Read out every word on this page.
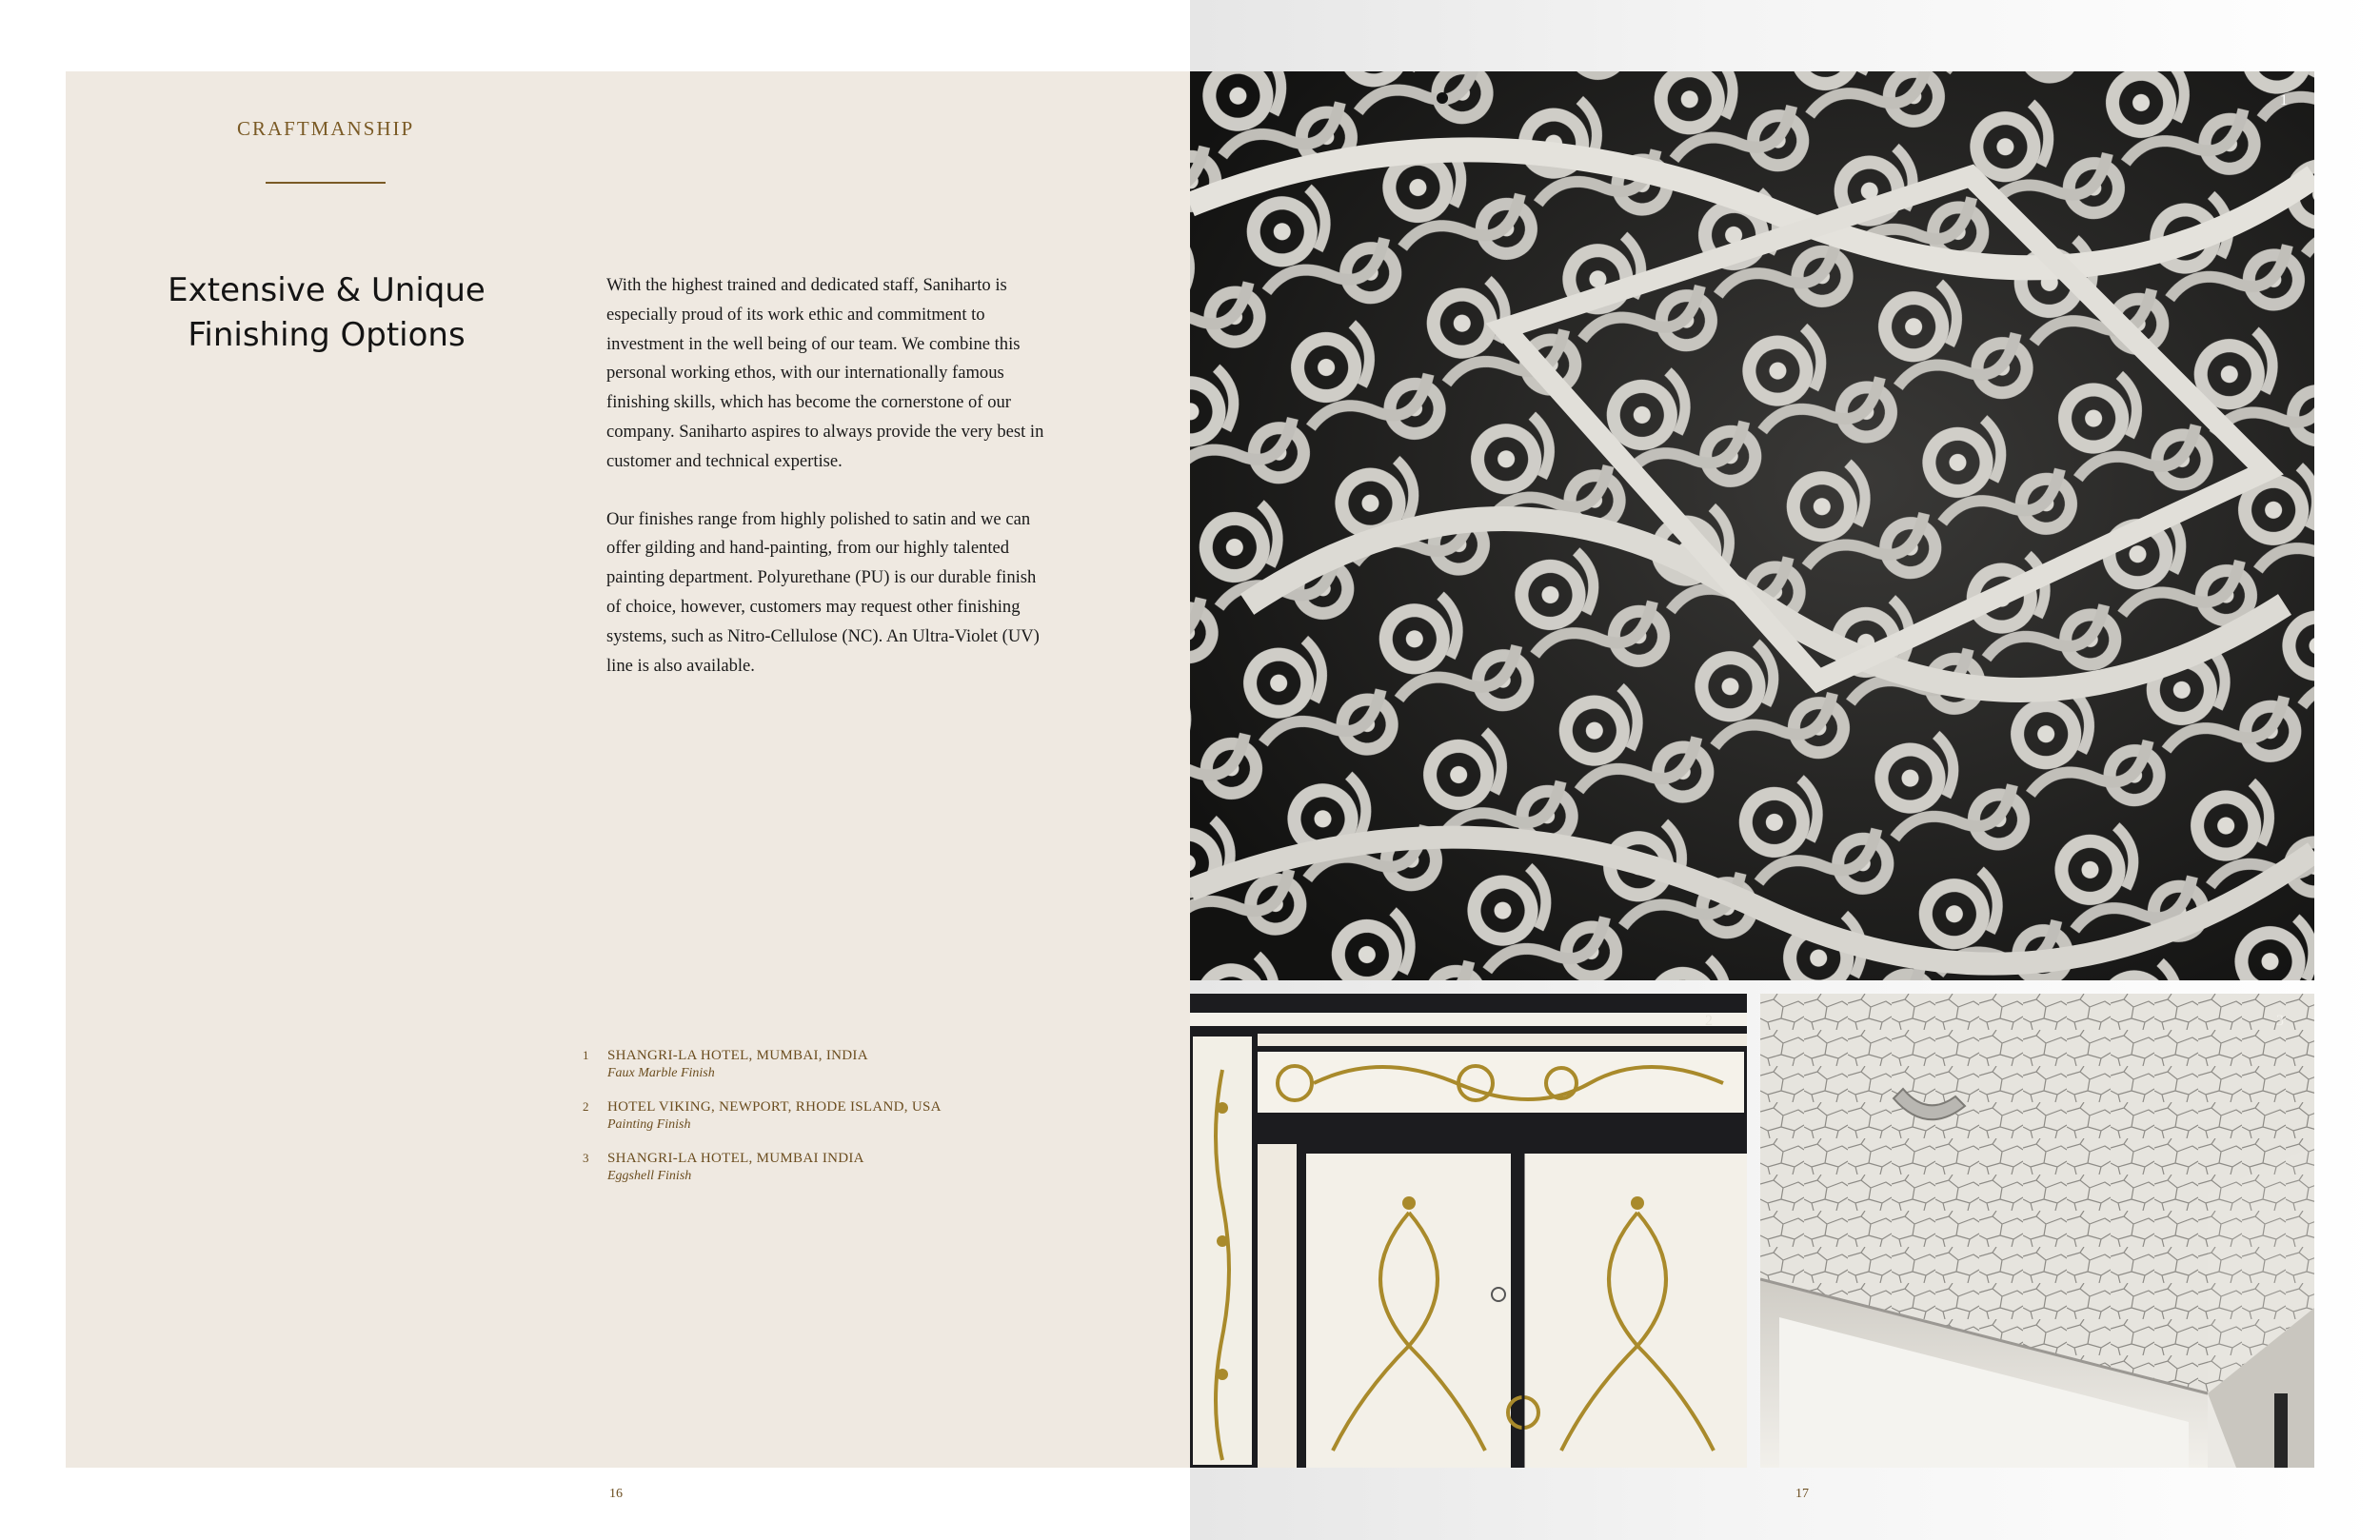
CRAFTMANSHIP
Extensive & Unique
Finishing Options

With the highest trained and dedicated staff, Saniharto is especially proud of its work ethic and commitment to investment in the well being of our team. We combine this personal working ethos, with our internationally famous finishing skills, which has become the cornerstone of our company. Saniharto aspires to always provide the very best in customer and technical expertise.

Our finishes range from highly polished to satin and we can offer gilding and hand-painting, from our highly talented painting department. Polyurethane (PU) is our durable finish of choice, however, customers may request other finishing systems, such as Nitro-Cellulose (NC). An Ultra-Violet (UV) line is also available.

1 SHANGRI-LA HOTEL, MUMBAI, INDIA
Faux Marble Finish
2 HOTEL VIKING, NEWPORT, RHODE ISLAND, USA
Painting Finish
3 SHANGRI-LA HOTEL, MUMBAI INDIA
Eggshell Finish
16
1
2	3
17
